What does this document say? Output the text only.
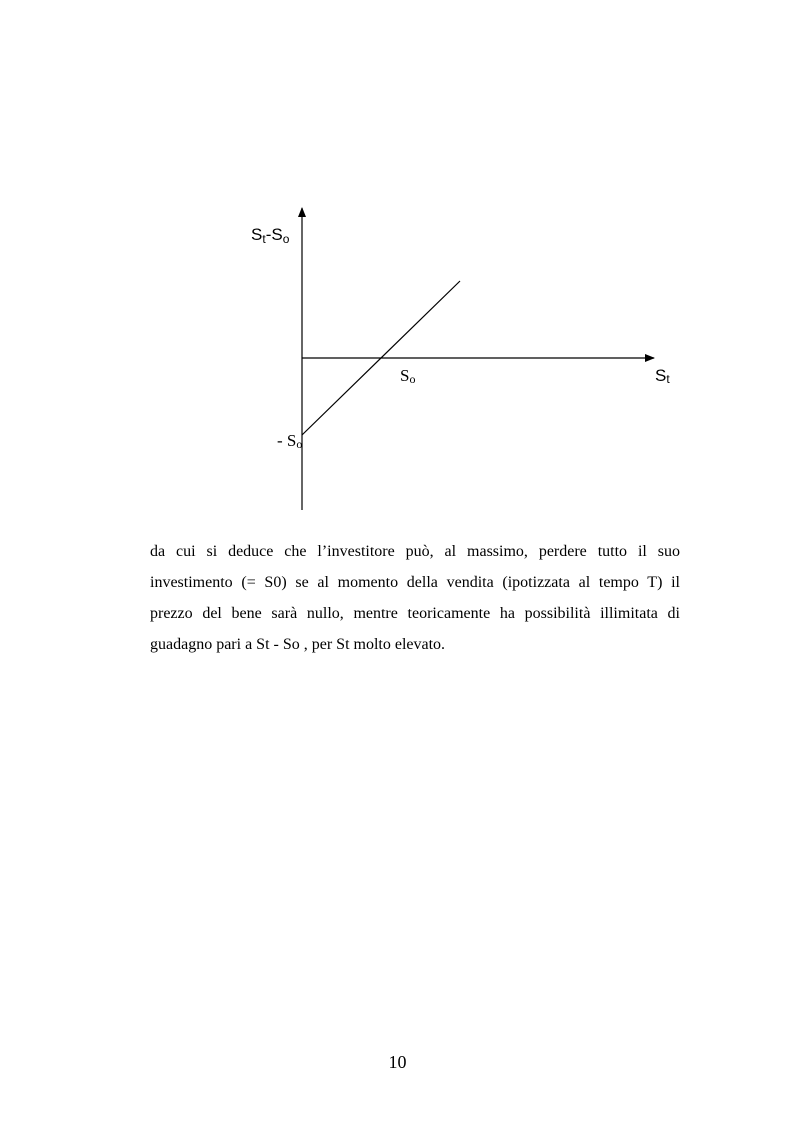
St-So
So	St
- So

da cui si deduce che l’investitore può, al massimo, perdere tutto il suo
investimento (= S0) se al momento della vendita (ipotizzata al tempo T) il
prezzo del bene sarà nullo, mentre teoricamente ha possibilità illimitata di
guadagno pari a St - So , per St molto elevato.

10
